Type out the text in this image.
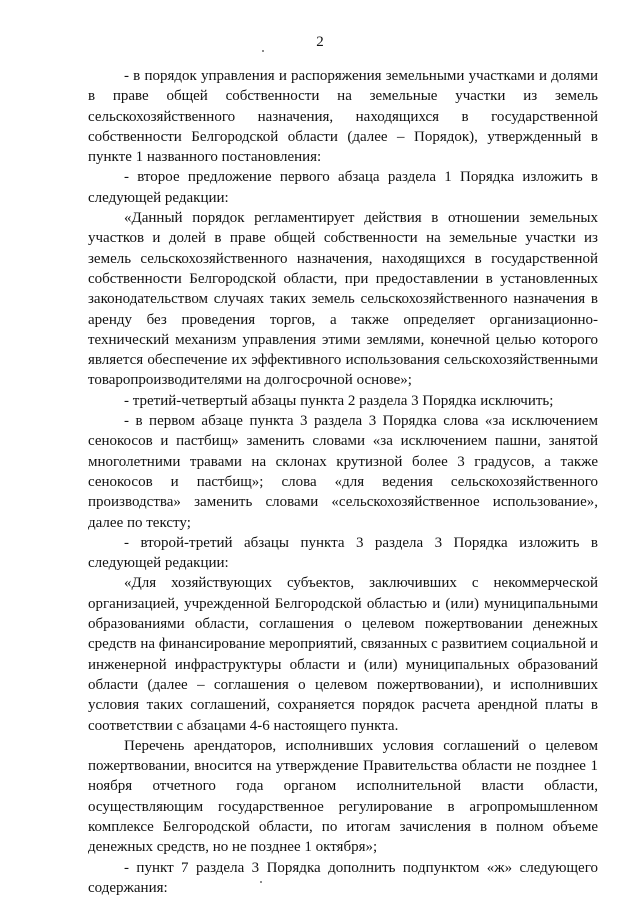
2

- в порядок управления и распоряжения земельными участками и долями в праве общей собственности на земельные участки из земель сельскохозяйственного назначения, находящихся в государственной собственности Белгородской области (далее – Порядок), утвержденный в пункте 1 названного постановления:

- второе предложение первого абзаца раздела 1 Порядка изложить в следующей редакции:

«Данный порядок регламентирует действия в отношении земельных участков и долей в праве общей собственности на земельные участки из земель сельскохозяйственного назначения, находящихся в государственной собственности Белгородской области, при предоставлении в установленных законодательством случаях таких земель сельскохозяйственного назначения в аренду без проведения торгов, а также определяет организационно-технический механизм управления этими землями, конечной целью которого является обеспечение их эффективного использования сельскохозяйственными товаропроизводителями на долгосрочной основе»;

- третий-четвертый абзацы пункта 2 раздела 3 Порядка исключить;

- в первом абзаце пункта 3 раздела 3 Порядка слова «за исключением сенокосов и пастбищ» заменить словами «за исключением пашни, занятой многолетними травами на склонах крутизной более 3 градусов, а также сенокосов и пастбищ»; слова «для ведения сельскохозяйственного производства» заменить словами «сельскохозяйственное использование», далее по тексту;

- второй-третий абзацы пункта 3 раздела 3 Порядка изложить в следующей редакции:

«Для хозяйствующих субъектов, заключивших с некоммерческой организацией, учрежденной Белгородской областью и (или) муниципальными образованиями области, соглашения о целевом пожертвовании денежных средств на финансирование мероприятий, связанных с развитием социальной и инженерной инфраструктуры области и (или) муниципальных образований области (далее – соглашения о целевом пожертвовании), и исполнивших условия таких соглашений, сохраняется порядок расчета арендной платы в соответствии с абзацами 4-6 настоящего пункта.

Перечень арендаторов, исполнивших условия соглашений о целевом пожертвовании, вносится на утверждение Правительства области не позднее 1 ноября отчетного года органом исполнительной власти области, осуществляющим государственное регулирование в агропромышленном комплексе Белгородской области, по итогам зачисления в полном объеме денежных средств, но не позднее 1 октября»;

- пункт 7 раздела 3 Порядка дополнить подпунктом «ж» следующего содержания:
